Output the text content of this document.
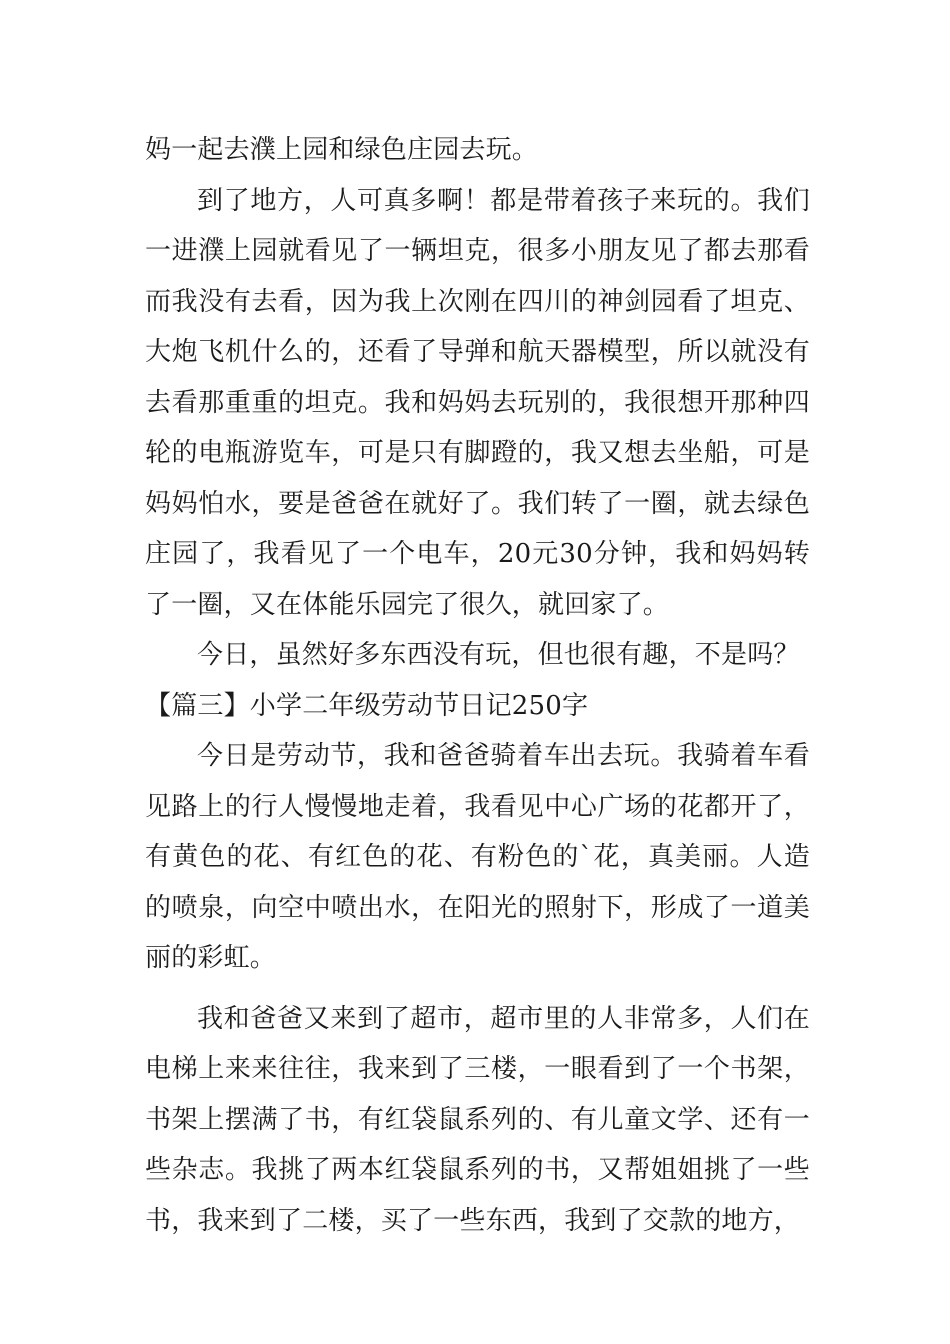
妈一起去濮上园和绿色庄园去玩。

到了地方，人可真多啊！都是带着孩子来玩的。我们一进濮上园就看见了一辆坦克，很多小朋友见了都去那看而我没有去看，因为我上次刚在四川的神剑园看了坦克、大炮飞机什么的，还看了导弹和航天器模型，所以就没有去看那重重的坦克。我和妈妈去玩别的，我很想开那种四轮的电瓶游览车，可是只有脚蹬的，我又想去坐船，可是妈妈怕水，要是爸爸在就好了。我们转了一圈，就去绿色庄园了，我看见了一个电车，20元30分钟，我和妈妈转了一圈，又在体能乐园完了很久，就回家了。

今日，虽然好多东西没有玩，但也很有趣，不是吗？

【篇三】小学二年级劳动节日记250字

今日是劳动节，我和爸爸骑着车出去玩。我骑着车看见路上的行人慢慢地走着，我看见中心广场的花都开了，有黄色的花、有红色的花、有粉色的`花，真美丽。人造的喷泉，向空中喷出水，在阳光的照射下，形成了一道美丽的彩虹。

我和爸爸又来到了超市，超市里的人非常多，人们在电梯上来来往往，我来到了三楼，一眼看到了一个书架，书架上摆满了书，有红袋鼠系列的、有儿童文学、还有一些杂志。我挑了两本红袋鼠系列的书，又帮姐姐挑了一些书，我来到了二楼，买了一些东西，我到了交款的地方，
